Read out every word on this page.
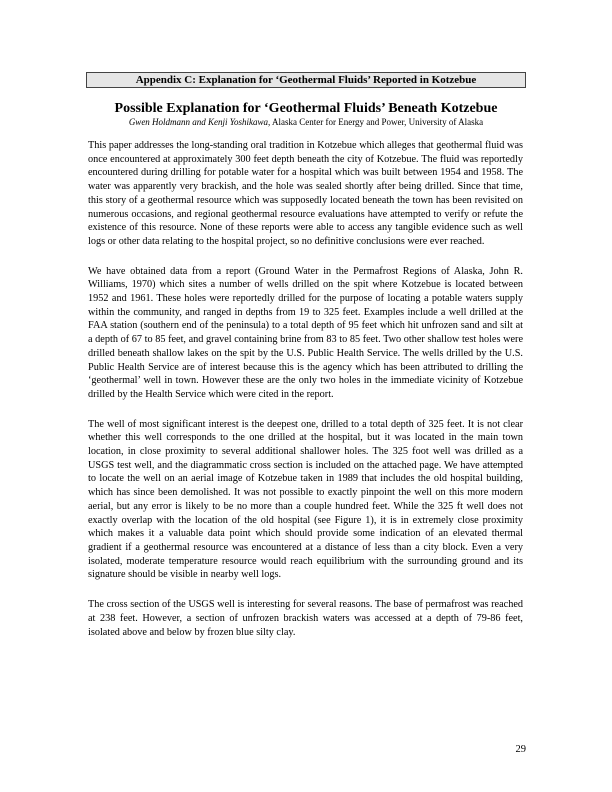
Appendix C: Explanation for ‘Geothermal Fluids’ Reported in Kotzebue
Possible Explanation for ‘Geothermal Fluids’ Beneath Kotzebue
Gwen Holdmann and Kenji Yoshikawa, Alaska Center for Energy and Power, University of Alaska

This paper addresses the long-standing oral tradition in Kotzebue which alleges that geothermal fluid was once encountered at approximately 300 feet depth beneath the city of Kotzebue. The fluid was reportedly encountered during drilling for potable water for a hospital which was built between 1954 and 1958. The water was apparently very brackish, and the hole was sealed shortly after being drilled. Since that time, this story of a geothermal resource which was supposedly located beneath the town has been revisited on numerous occasions, and regional geothermal resource evaluations have attempted to verify or refute the existence of this resource. None of these reports were able to access any tangible evidence such as well logs or other data relating to the hospital project, so no definitive conclusions were ever reached.

We have obtained data from a report (Ground Water in the Permafrost Regions of Alaska, John R. Williams, 1970) which sites a number of wells drilled on the spit where Kotzebue is located between 1952 and 1961. These holes were reportedly drilled for the purpose of locating a potable waters supply within the community, and ranged in depths from 19 to 325 feet. Examples include a well drilled at the FAA station (southern end of the peninsula) to a total depth of 95 feet which hit unfrozen sand and silt at a depth of 67 to 85 feet, and gravel containing brine from 83 to 85 feet. Two other shallow test holes were drilled beneath shallow lakes on the spit by the U.S. Public Health Service. The wells drilled by the U.S. Public Health Service are of interest because this is the agency which has been attributed to drilling the ‘geothermal’ well in town. However these are the only two holes in the immediate vicinity of Kotzebue drilled by the Health Service which were cited in the report.

The well of most significant interest is the deepest one, drilled to a total depth of 325 feet. It is not clear whether this well corresponds to the one drilled at the hospital, but it was located in the main town location, in close proximity to several additional shallower holes. The 325 foot well was drilled as a USGS test well, and the diagrammatic cross section is included on the attached page. We have attempted to locate the well on an aerial image of Kotzebue taken in 1989 that includes the old hospital building, which has since been demolished. It was not possible to exactly pinpoint the well on this more modern aerial, but any error is likely to be no more than a couple hundred feet. While the 325 ft well does not exactly overlap with the location of the old hospital (see Figure 1), it is in extremely close proximity which makes it a valuable data point which should provide some indication of an elevated thermal gradient if a geothermal resource was encountered at a distance of less than a city block. Even a very isolated, moderate temperature resource would reach equilibrium with the surrounding ground and its signature should be visible in nearby well logs.

The cross section of the USGS well is interesting for several reasons. The base of permafrost was reached at 238 feet. However, a section of unfrozen brackish waters was accessed at a depth of 79-86 feet, isolated above and below by frozen blue silty clay.

29
